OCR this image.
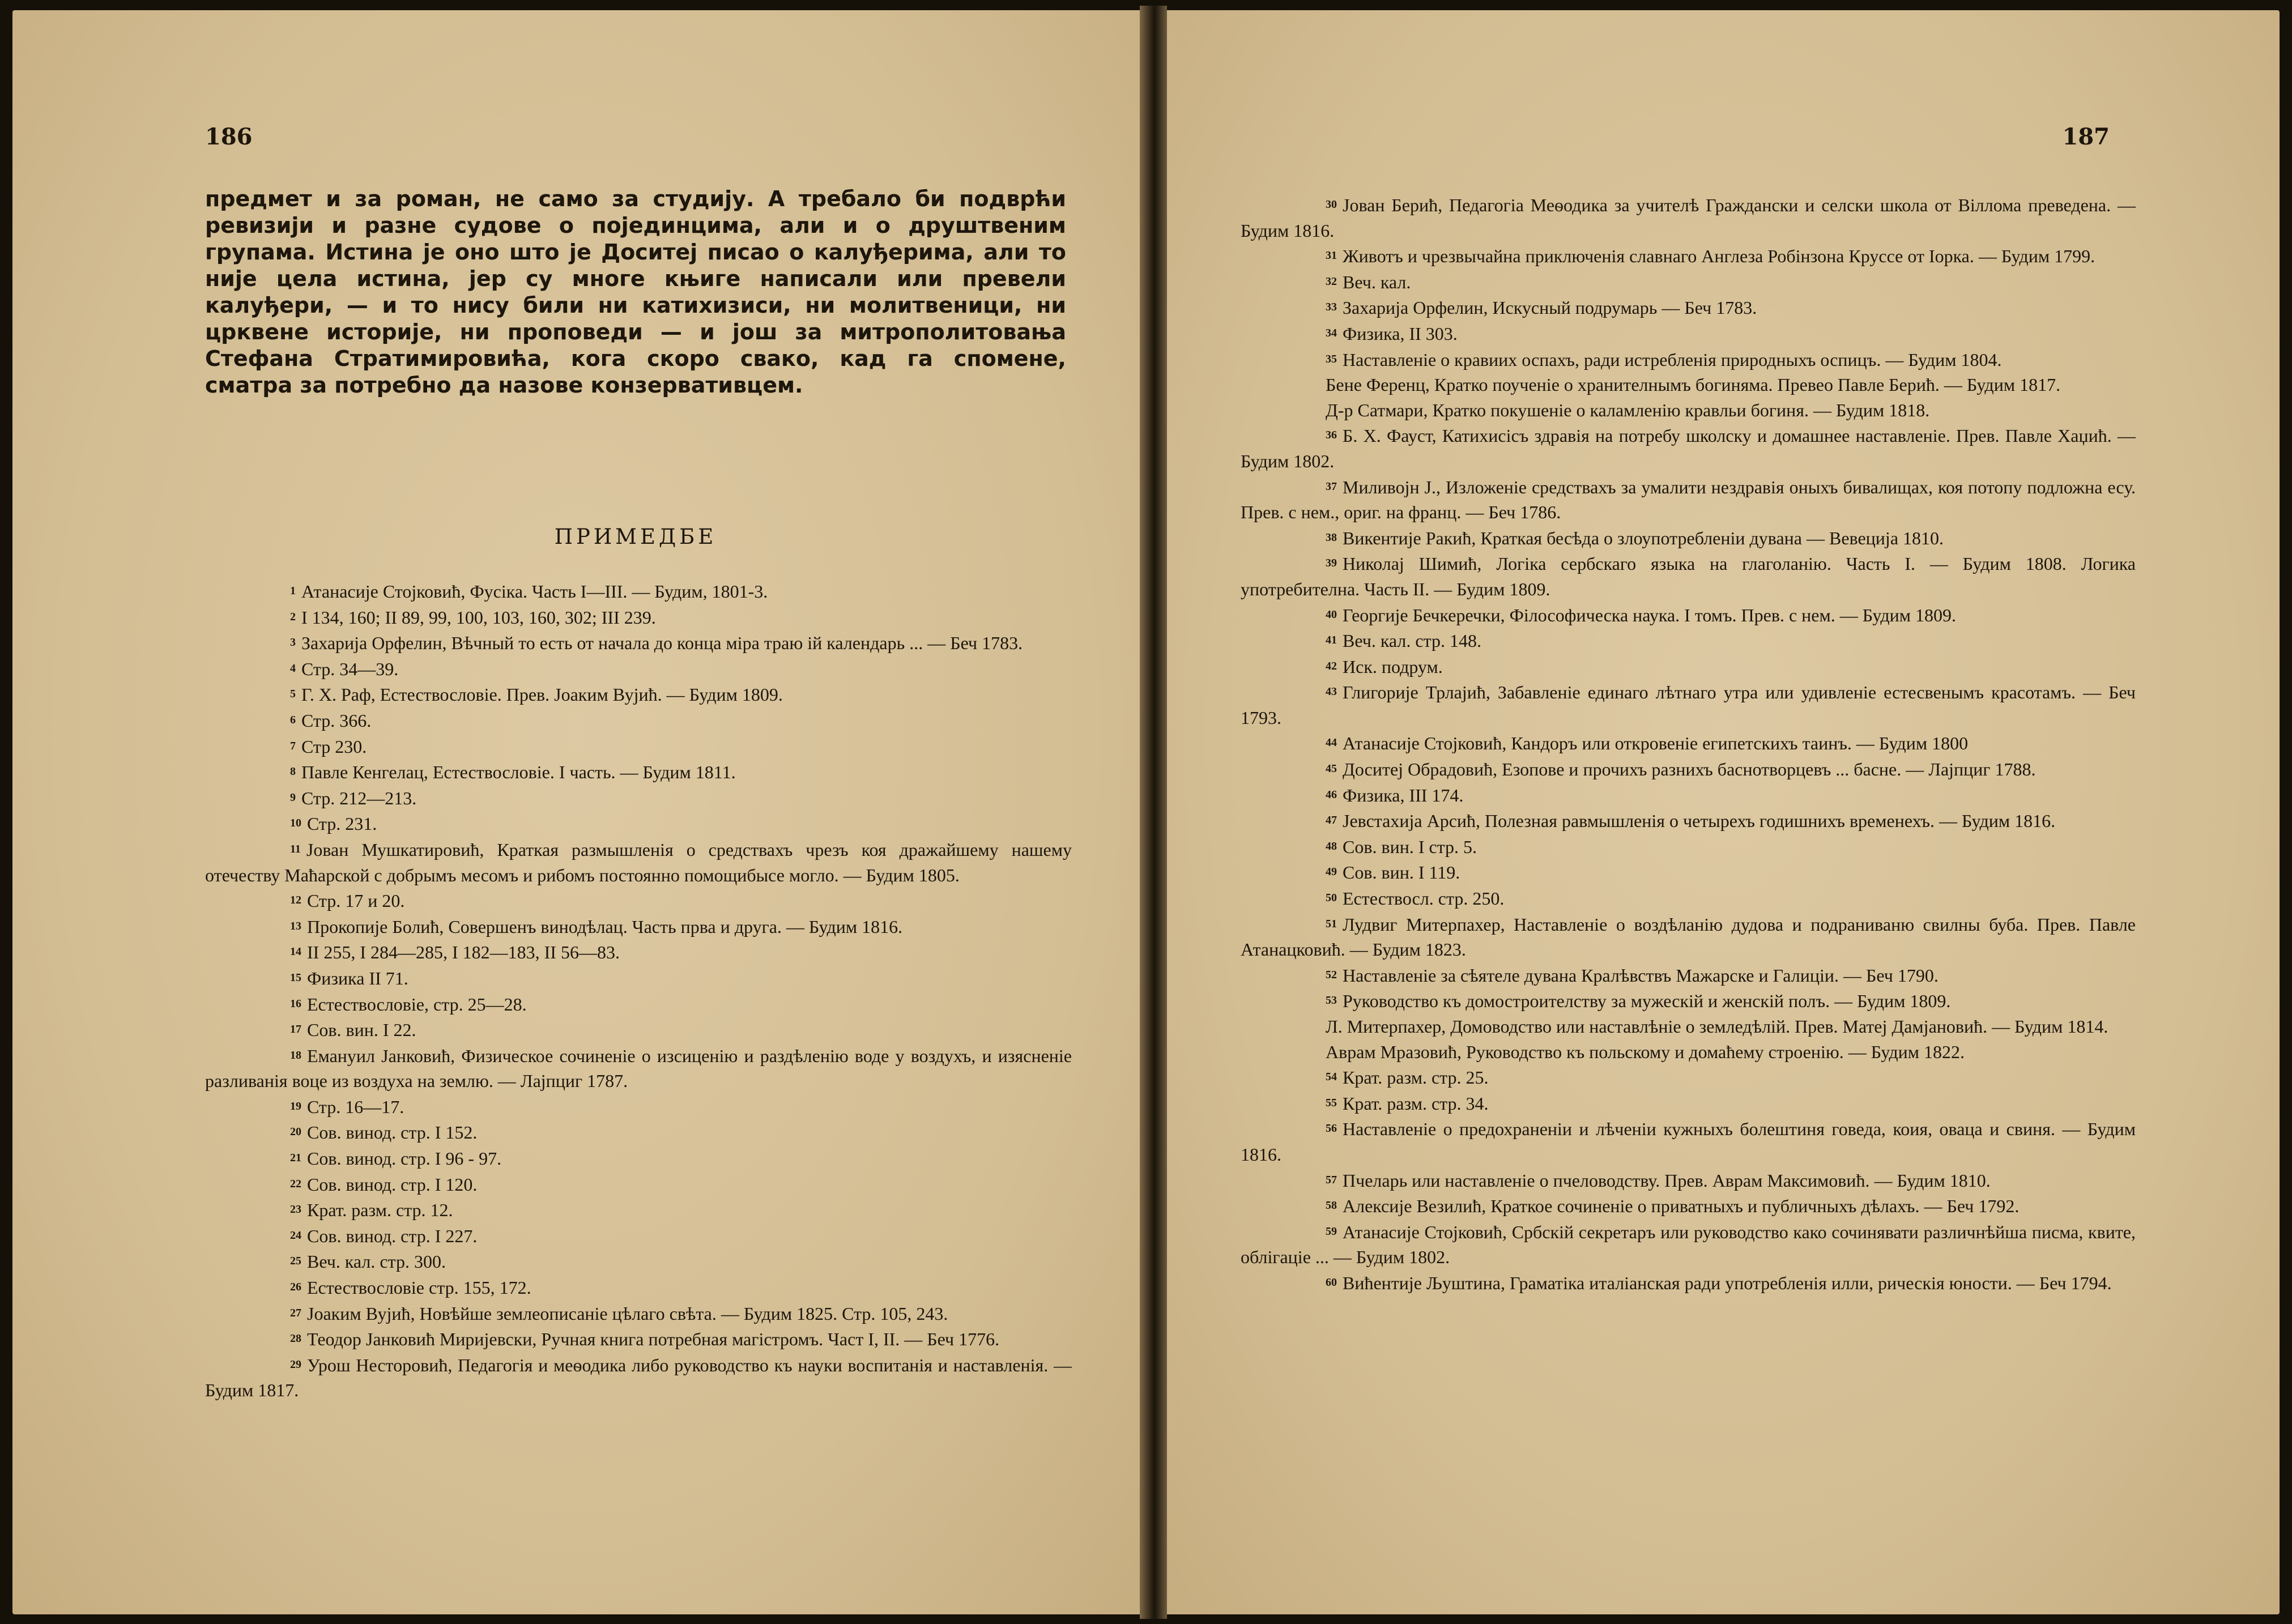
186

предмет и за роман, не само за студију. А требало би подврћи ревизији и разне судове о појединцима, али и о друштвеним групама. Истина је оно што је Доситеј писао о калуђерима, али то није цела истина, јер су многе књиге написали или превели калуђери, — и то нису били ни катихизиси, ни молитвеници, ни црквене историје, ни проповеди — и још за митрополитовања Стефана Стратимировића, кога скоро свако, кад га спомене, сматра за потребно да назове конзервативцем.

ПРИМЕДБЕ

$^1$ Атанасије Стојковић, Фусіка. Часть I—III. — Будим, 1801-3.

$^2$ I 134, 160; II 89, 99, 100, 103, 160, 302; III 239.

$^3$ Захарија Орфелин, Вѣчный то есть от начала до конца міра траю ій календарь ... — Беч 1783.

$^4$ Стр. 34—39.

$^5$ Г. Х. Раф, Естествословіе. Прев. Јоаким Вујић. — Будим 1809.

$^6$ Стр. 366.

$^7$ Стр 230.

$^8$ Павле Кенгелац, Естествословіе. I часть. — Будим 1811.

$^9$ Стр. 212—213.

$^{10}$ Стр. 231.

$^{11}$ Јован Мушкатировић, Краткая размышленія о средствахъ чрезъ коя дражайшему нашему отечеству Маћарской с добрымъ месомъ и рибомъ постоянно помощибысе могло. — Будим 1805.

$^{12}$ Стр. 17 и 20.

$^{13}$ Прокопије Болић, Совершенъ винодѣлац. Часть прва и друга. — Будим 1816.

$^{14}$ II 255, I 284—285, I 182—183, II 56—83.

$^{15}$ Физика II 71.

$^{16}$ Естествословіе, стр. 25—28.

$^{17}$ Сов. вин. I 22.

$^{18}$ Емануил Јанковић, Физическое сочиненіе о изсиценію и раздѣленію воде у воздухъ, и изясненіе разливанія воце из воздуха на землю. — Лајпциг 1787.

$^{19}$ Стр. 16—17.

$^{20}$ Сов. винод. стр. I 152.

$^{21}$ Сов. винод. стр. I 96 - 97.

$^{22}$ Сов. винод. стр. I 120.

$^{23}$ Крат. разм. стр. 12.

$^{24}$ Сов. винод. стр. I 227.

$^{25}$ Веч. кал. стр. 300.

$^{26}$ Естествословіе стр. 155, 172.

$^{27}$ Јоаким Вујић, Новѣйше землеописаніе цѣлаго свѣта. — Будим 1825. Стр. 105, 243.

$^{28}$ Теодор Јанковић Миријевски, Ручная книга потребная магістромъ. Част I, II. — Беч 1776.

$^{29}$ Урош Несторовић, Педагогія и меѳодика либо руководство къ науки воспитанія и наставленія. — Будим 1817.

187

$^{30}$ Јован Берић, Педагогіа Меѳодика за учителѣ Граждански и селски школа от Віллома преведена. — Будим 1816.

$^{31}$ Животъ и чрезвычайна приключенія славнаго Англеза Робінзона Круссе от Іорка. — Будим 1799.

$^{32}$ Веч. кал.

$^{33}$ Захарија Орфелин, Искусный подрумарь — Беч 1783.

$^{34}$ Физика, II 303.

$^{35}$ Наставленіе о кравиих оспахъ, ради истребленія природныхъ оспицъ. — Будим 1804.

Бене Ференц, Кратко поученіе о хранителнымъ богиняма. Превео Павле Берић. — Будим 1817.

Д-р Сатмари, Кратко покушеніе о каламленію кравльи богиня. — Будим 1818.

$^{36}$ Б. Х. Фауст, Катихисісъ здравія на потребу школску и домашнее наставленіе. Прев. Павле Хаџић. — Будим 1802.

$^{37}$ Миливојн Ј., Изложеніе средствахъ за умалити нездравія оныхъ бивалищах, коя потопу подложна есу. Прев. с нем., ориг. на франц. — Беч 1786.

$^{38}$ Викентије Ракић, Краткая бесѣда о злоупотребленіи дувана — Вевеција 1810.

$^{39}$ Николај Шимић, Логіка сербскаго языка на глаголанію. Часть I. — Будим 1808. Логика употребителна. Часть II. — Будим 1809.

$^{40}$ Георгије Бечкеречки, Філософическа наука. I томъ. Прев. с нем. — Будим 1809.

$^{41}$ Веч. кал. стр. 148.

$^{42}$ Иск. подрум.

$^{43}$ Глигорије Трлајић, Забавленіе единаго лѣтнаго утра или удивленіе естесвенымъ красотамъ. — Беч 1793.

$^{44}$ Атанасије Стојковић, Кандоръ или откровеніе египетскихъ таинъ. — Будим 1800

$^{45}$ Доситеј Обрадовић, Езопове и прочихъ разнихъ баснотворцевъ ... басне. — Лајпциг 1788.

$^{46}$ Физика, III 174.

$^{47}$ Јевстахија Арсић, Полезная равмышленія о четырехъ годишнихъ временехъ. — Будим 1816.

$^{48}$ Сов. вин. I стр. 5.

$^{49}$ Сов. вин. I 119.

$^{50}$ Естествосл. стр. 250.

$^{51}$ Лудвиг Митерпахер, Наставленіе о воздѣланію дудова и подраниваню свилны буба. Прев. Павле Атанацковић. — Будим 1823.

$^{52}$ Наставленіе за сѣятеле дувана Кралѣвствъ Мажарске и Галиціи. — Беч 1790.

$^{53}$ Руководство къ домостроителству за мужескій и женскій полъ. — Будим 1809.

Л. Митерпахер, Домоводство или наставлѣніе о земледѣлій. Прев. Матеј Дамјановић. — Будим 1814.

Аврам Мразовић, Руководство къ польскому и домаћему строенію. — Будим 1822.

$^{54}$ Крат. разм. стр. 25.

$^{55}$ Крат. разм. стр. 34.

$^{56}$ Наставленіе о предохраненіи и лѣченіи кужныхъ болештиня говеда, коия, оваца и свиня. — Будим 1816.

$^{57}$ Пчеларь или наставленіе о пчеловодству. Прев. Аврам Максимовић. — Будим 1810.

$^{58}$ Алексије Везилић, Краткое сочиненіе о приватныхъ и публичныхъ дѣлахъ. — Беч 1792.

$^{59}$ Атанасије Стојковић, Србскій секретаръ или руководство како сочинявати различнѣйша писма, квите, облігаціе ... — Будим 1802.

$^{60}$ Вићентије Љуштина, Граматіка италіанская ради употребленія илли, рическія юности. — Беч 1794.
